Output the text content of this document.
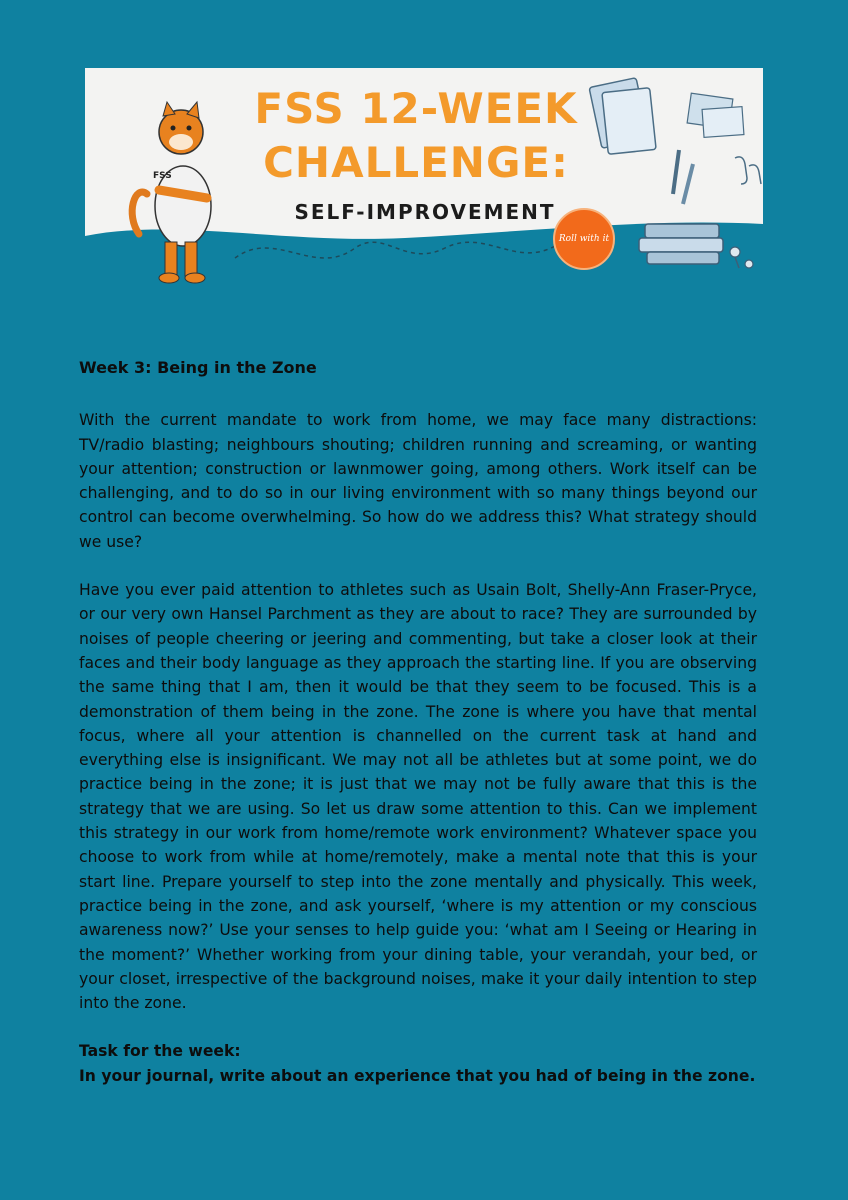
FSS
FSS 12-WEEK
CHALLENGE:
SELF-IMPROVEMENT
Roll with it

Week 3: Being in the Zone

With the current mandate to work from home, we may face many distractions: TV/radio blasting; neighbours shouting; children running and screaming, or wanting your attention; construction or lawnmower going, among others. Work itself can be challenging, and to do so in our living environment with so many things beyond our control can become overwhelming. So how do we address this? What strategy should we use?

Have you ever paid attention to athletes such as Usain Bolt, Shelly-Ann Fraser-Pryce, or our very own Hansel Parchment as they are about to race? They are surrounded by noises of people cheering or jeering and commenting, but take a closer look at their faces and their body language as they approach the starting line. If you are observing the same thing that I am, then it would be that they seem to be focused. This is a demonstration of them being in the zone. The zone is where you have that mental focus, where all your attention is channelled on the current task at hand and everything else is insignificant. We may not all be athletes but at some point, we do practice being in the zone; it is just that we may not be fully aware that this is the strategy that we are using. So let us draw some attention to this. Can we implement this strategy in our work from home/remote work environment? Whatever space you choose to work from while at home/remotely, make a mental note that this is your start line. Prepare yourself to step into the zone mentally and physically. This week, practice being in the zone, and ask yourself, ‘where is my attention or my conscious awareness now?’ Use your senses to help guide you: ‘what am I Seeing or Hearing in the moment?’ Whether working from your dining table, your verandah, your bed, or your closet, irrespective of the background noises, make it your daily intention to step into the zone.

Task for the week:

In your journal, write about an experience that you had of being in the zone.
